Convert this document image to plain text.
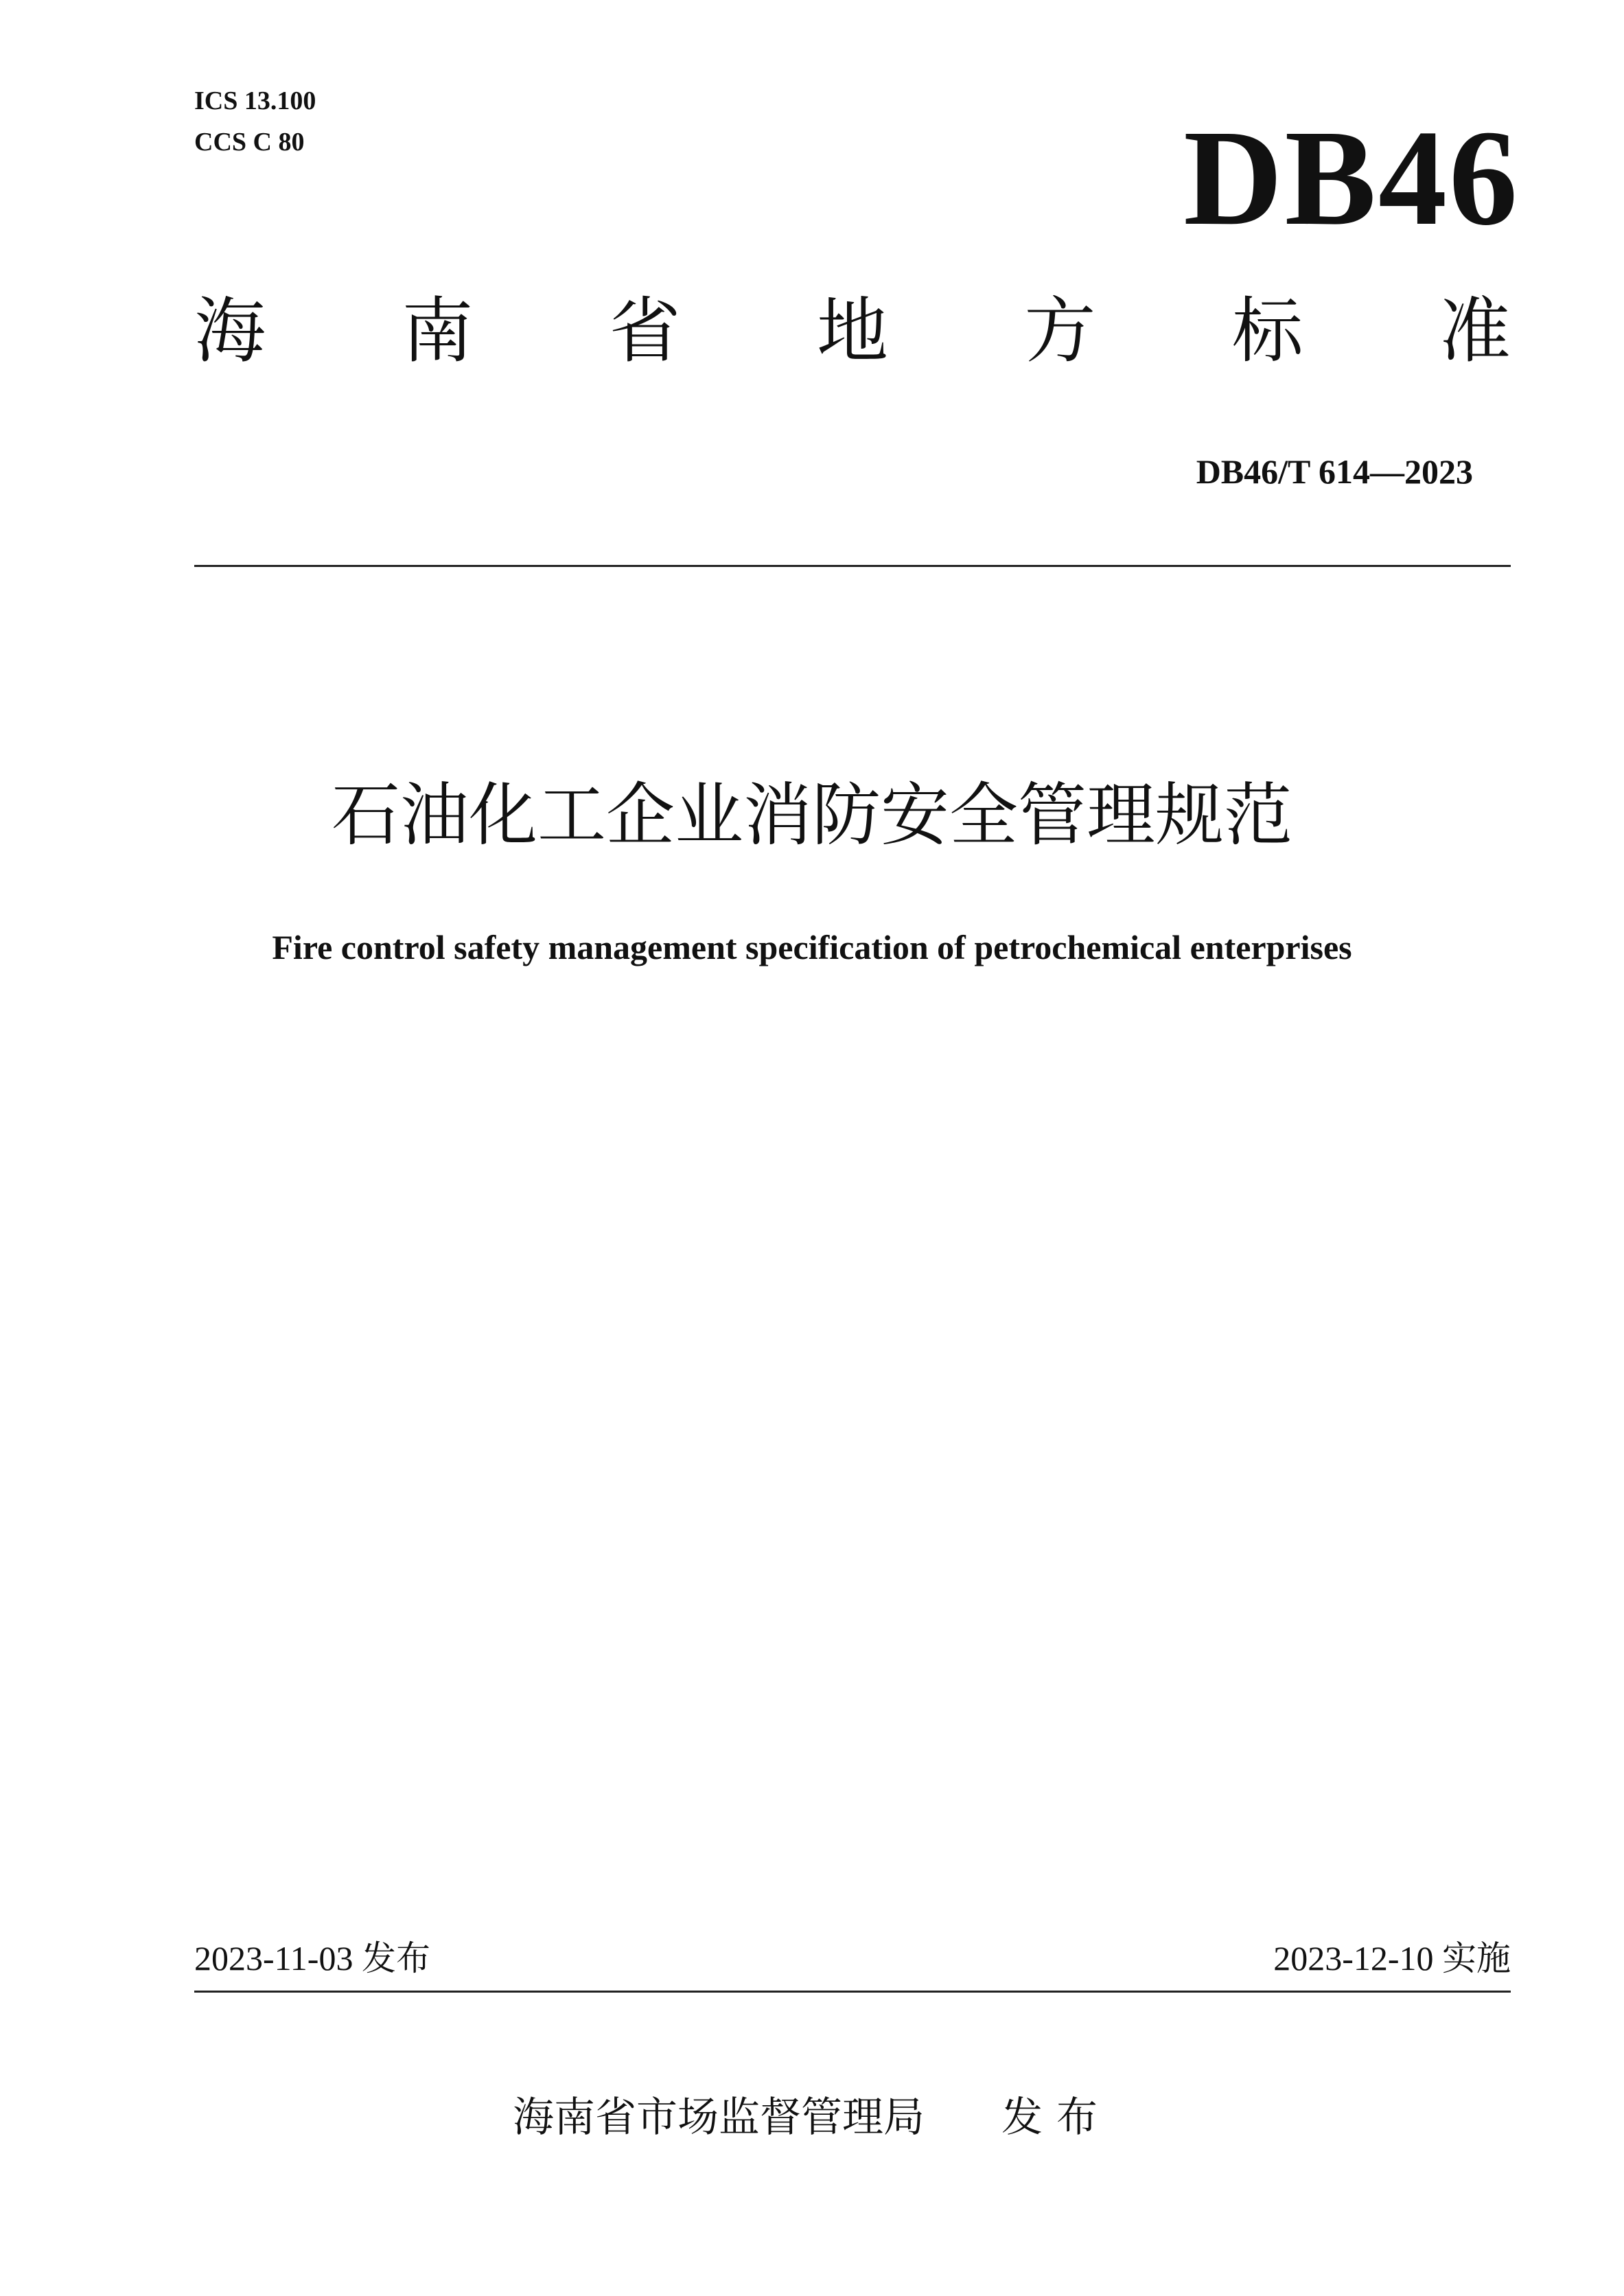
ICS 13.100
CCS C 80	DB46
海 南 省 地 方 标 准
DB46/T 614—2023
石油化工企业消防安全管理规范
Fire control safety management specification of petrochemical enterprises
2023-11-03 发布	2023-12-10 实施
海南省市场监督管理局 发布
